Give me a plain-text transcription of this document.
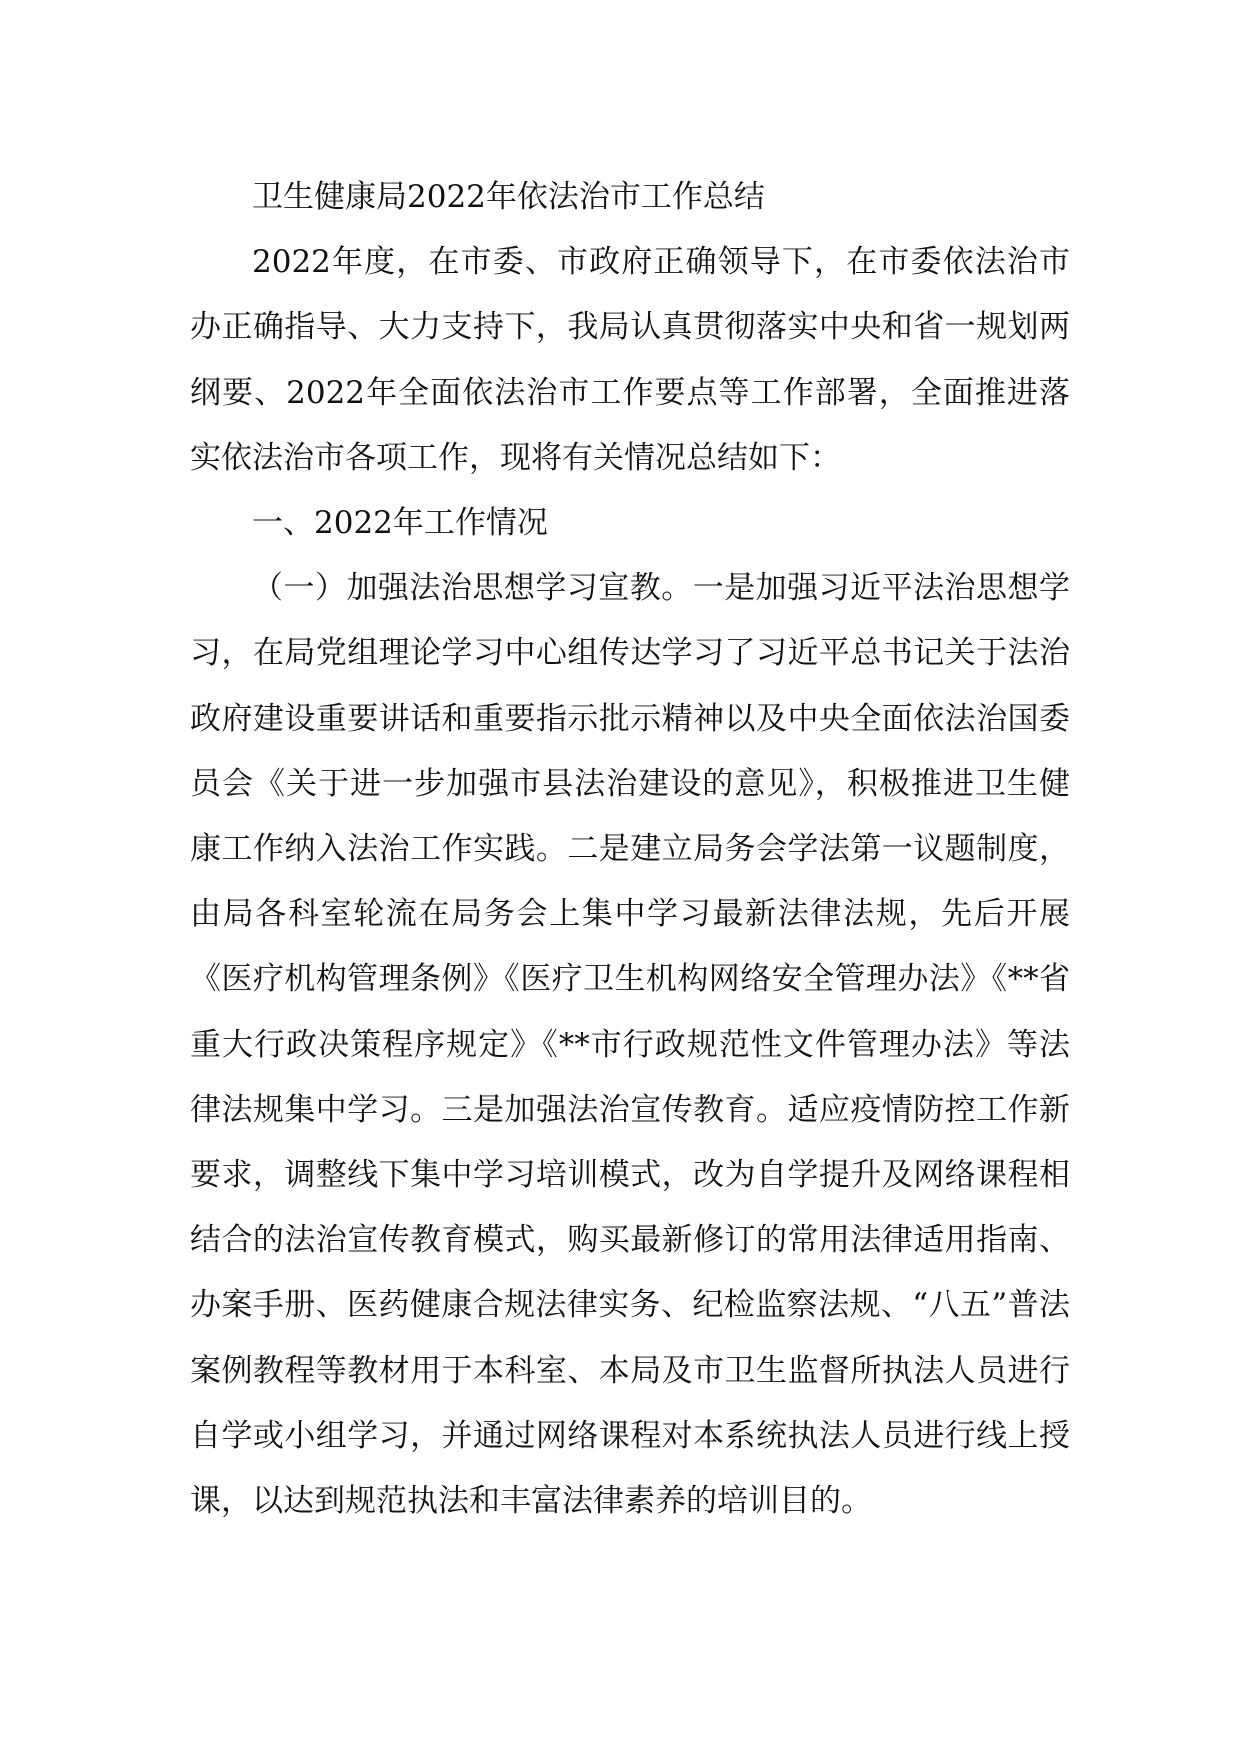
卫生健康局2022年依法治市工作总结

2022年度，在市委、市政府正确领导下，在市委依法治市办正确指导、大力支持下，我局认真贯彻落实中央和省一规划两纲要、2022年全面依法治市工作要点等工作部署，全面推进落实依法治市各项工作，现将有关情况总结如下：

一、2022年工作情况

（一）加强法治思想学习宣教。一是加强习近平法治思想学习，在局党组理论学习中心组传达学习了习近平总书记关于法治政府建设重要讲话和重要指示批示精神以及中央全面依法治国委员会《关于进一步加强市县法治建设的意见》，积极推进卫生健康工作纳入法治工作实践。二是建立局务会学法第一议题制度，由局各科室轮流在局务会上集中学习最新法律法规，先后开展《医疗机构管理条例》《医疗卫生机构网络安全管理办法》《**省重大行政决策程序规定》《**市行政规范性文件管理办法》等法律法规集中学习。三是加强法治宣传教育。适应疫情防控工作新要求，调整线下集中学习培训模式，改为自学提升及网络课程相结合的法治宣传教育模式，购买最新修订的常用法律适用指南、办案手册、医药健康合规法律实务、纪检监察法规、“八五”普法案例教程等教材用于本科室、本局及市卫生监督所执法人员进行自学或小组学习，并通过网络课程对本系统执法人员进行线上授课，以达到规范执法和丰富法律素养的培训目的。
